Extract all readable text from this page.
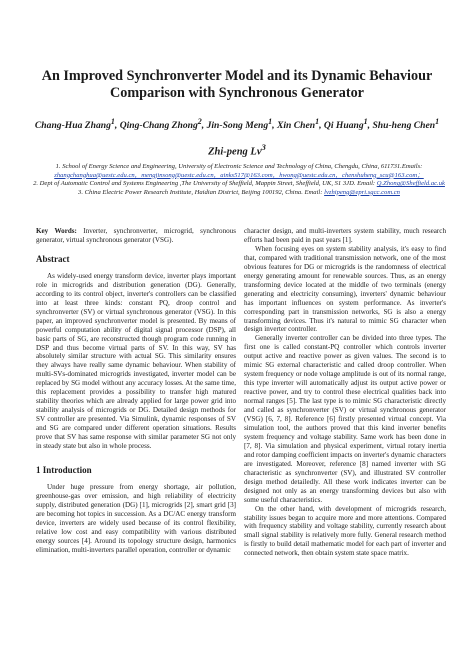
An Improved Synchronverter Model and its Dynamic Behaviour
Comparison with Synchronous Generator
Chang-Hua Zhang$^1$, Qing-Chang Zhong$^2$, Jin-Song Meng$^1$, Xin Chen$^1$, Qi Huang$^1$, Shu-heng Chen$^1$
Zhi-peng Lv$^3$

1. School of Energy Science and Engineering, University of Electronic Science and Technology of China, Chengdu, China, 611731.Emails: zhangchanghua@uestc.edu.cn，mengjinsong@uestc.edu.cn，ainks517@163.com，hwong@uestc.edu.cn，chenshuheng_scu@163.com；

2. Dept of Automatic Control and Systems Engineering ,The University of Sheffield, Mappin Street, Sheffield, UK, S1 3JD. Email: Q.Zhong@Sheffield.ac.uk

3. China Electric Power Research Institute, Haidian District, Beijing 100192, China. Email: lvzhipeng@epri.sgcc.com.cn

Key Words: Inverter, synchronverter, microgrid, synchronous generator, virtual synchronous generator (VSG).

Abstract

As widely-used energy transform device, inverter plays important role in microgrids and distribution generation (DG). Generally, according to its control object, inverter's controllers can be classified into at least three kinds: constant PQ, droop control and synchronverter (SV) or virtual synchronous generator (VSG). In this paper, an improved synchronverter model is presented. By means of powerful computation ability of digital signal processor (DSP), all basic parts of SG, are reconstructed though program code running in DSP and thus become virtual parts of SV. In this way, SV has absolutely similar structure with actual SG. This similarity ensures they always have really same dynamic behaviour. When stability of multi-SVs-dominated microgrids investigated, inverter model can be replaced by SG model without any accuracy losses. At the same time, this replacement provides a possibility to transfer high matured stability theories which are already applied for large power grid into stability analysis of microgrids or DG. Detailed design methods for SV controller are presented. Via Simulink, dynamic responses of SV and SG are compared under different operation situations. Results prove that SV has same response with similar parameter SG not only in steady state but also in whole process.

1 Introduction

Under huge pressure from energy shortage, air pollution, greenhouse-gas over emission, and high reliability of electricity supply, distributed generation (DG) [1], microgrids [2], smart grid [3] are becoming hot topics in succession. As a DC/AC energy transform device, inverters are widely used because of its control flexibility, relative low cost and easy compatibility with various distributed energy sources [4]. Around its topology structure design, harmonics elimination, multi-inverters parallel operation, controller or dynamic

character design, and multi-inverters system stability, much research efforts had been paid in past years [1].

When focusing eyes on system stability analysis, it's easy to find that, compared with traditional transmission network, one of the most obvious features for DG or microgrids is the randomness of electrical energy generating amount for renewable sources. Thus, as an energy transforming device located at the middle of two terminals (energy generating and electricity consuming), inverters' dynamic behaviour has important influences on system performance. As inverter's corresponding part in transmission networks, SG is also a energy transforming devices. Thus it's natural to mimic SG character when design inverter controller.

Generally inverter controller can be divided into three types. The first one is called constant-PQ controller which controls inverter output active and reactive power as given values. The second is to mimic SG external characteristic and called droop controller. When system frequency or node voltage amplitude is out of its normal range, this type inverter will automatically adjust its output active power or reactive power, and try to control these electrical qualities back into normal ranges [5]. The last type is to mimic SG characteristic directly and called as synchronverter (SV) or virtual synchronous generator (VSG) [6, 7, 8]. Reference [6] firstly presented virtual concept. Via simulation tool, the authors proved that this kind inverter benefits system frequency and voltage stability. Same work has been done in [7, 8]. Via simulation and physical experiment, virtual rotary inertia and rotor damping coefficient impacts on inverter's dynamic characters are investigated. Moreover, reference [8] named inverter with SG characteristic as synchronverter (SV), and illustrated SV controller design method detailedly. All these work indicates inverter can be designed not only as an energy transforming devices but also with some useful characteristics.

On the other hand, with development of microgrids research, stability issues began to acquire more and more attentions. Compared with frequency stability and voltage stability, currently research about small signal stability is relatively more fully. General research method is firstly to build detail mathematic model for each part of inverter and connected network, then obtain system state space matrix.
